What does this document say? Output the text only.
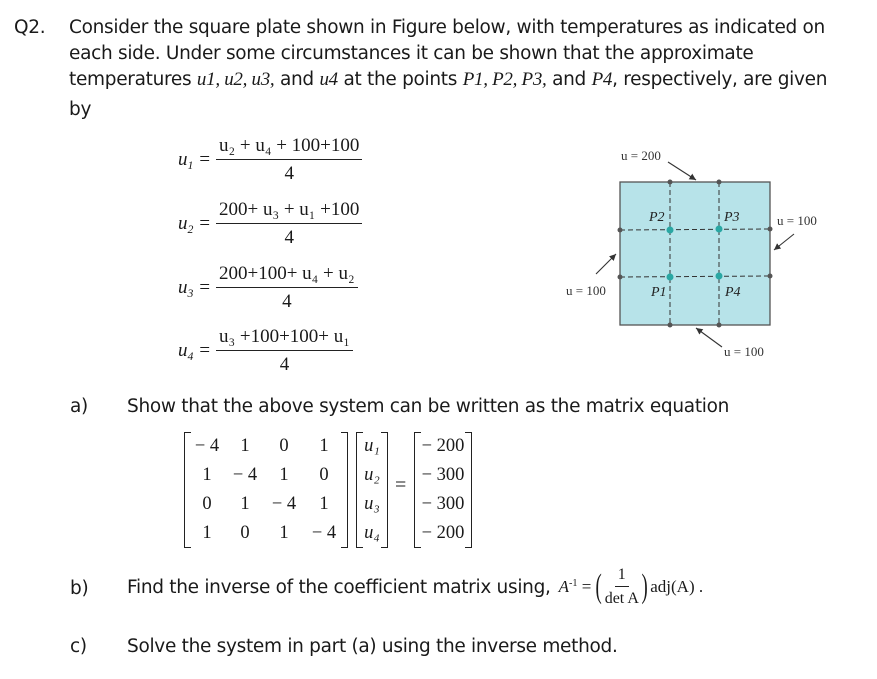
Q2. Consider the square plate shown in Figure below, with temperatures as indicated on
each side. Under some circumstances it can be shown that the approximate
temperatures u1, u2, u3, and u4 at the points P1, P2, P3, and P4, respectively, are given
by
$u_1 = \frac{\text{u₂ + u₄ + 100+100}}{4}$
$u_2 = \frac{\text{200+ u₃ + u₁ +100}}{4}$
$u_3 = \frac{\text{200+100+ u₄ + u₂}}{4}$
$u_4 = \frac{\text{u₃ +100+100+ u₁}}{4}$
u = 200
u = 100
u = 100
u = 100
P2	P3
P1	P4
a) Show that the above system can be written as the matrix equation
− 4	1	0	1
1	− 4	1	0
0	1	− 4	1
1	0	1	− 4
u₁
u₂
u₃
u₄
=
− 200
− 300
− 300
− 200
b) Find the inverse of the coefficient matrix using, $A^{-1}$ = ( $\frac{1}{\text{det A}}$ ) adj(A) .
c) Solve the system in part (a) using the inverse method.
